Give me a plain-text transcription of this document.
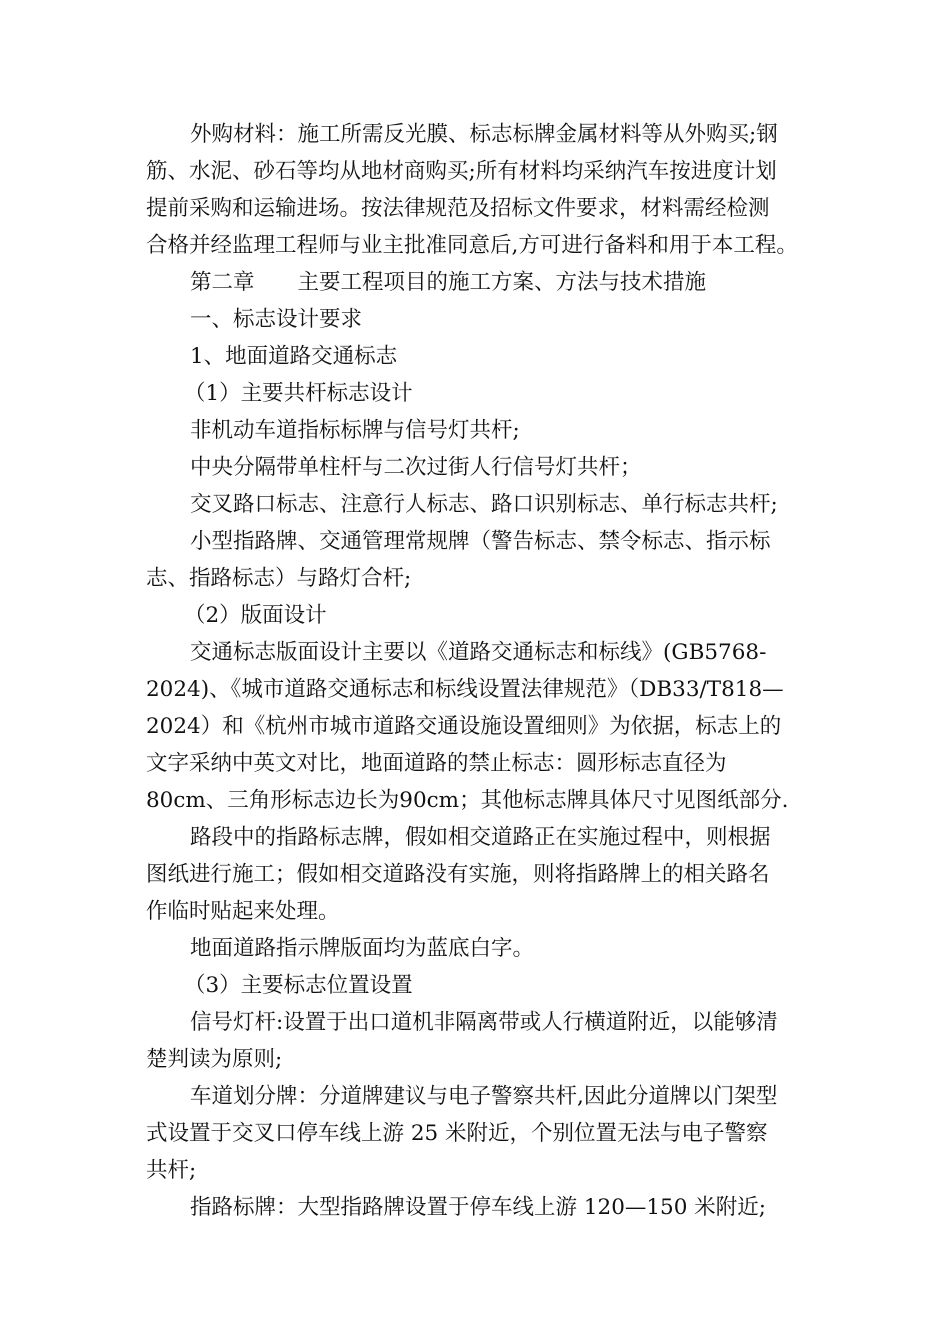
外购材料：施工所需反光膜、标志标牌金属材料等从外购买;钢
筋、水泥、砂石等均从地材商购买;所有材料均采纳汽车按进度计划
提前采购和运输进场。按法律规范及招标文件要求，材料需经检测
合格并经监理工程师与业主批准同意后,方可进行备料和用于本工程。
第二章　　主要工程项目的施工方案、方法与技术措施
一、标志设计要求
1、地面道路交通标志
（1）主要共杆标志设计
非机动车道指标标牌与信号灯共杆;
中央分隔带单柱杆与二次过街人行信号灯共杆；
交叉路口标志、注意行人标志、路口识别标志、单行标志共杆;
小型指路牌、交通管理常规牌（警告标志、禁令标志、指示标
志、指路标志）与路灯合杆;
（2）版面设计
交通标志版面设计主要以《道路交通标志和标线》(GB5768-
2024)、《城市道路交通标志和标线设置法律规范》（DB33/T818—
2024）和《杭州市城市道路交通设施设置细则》为依据，标志上的
文字采纳中英文对比，地面道路的禁止标志：圆形标志直径为
80cm、三角形标志边长为90cm；其他标志牌具体尺寸见图纸部分.
路段中的指路标志牌，假如相交道路正在实施过程中，则根据
图纸进行施工；假如相交道路没有实施，则将指路牌上的相关路名
作临时贴起来处理。
地面道路指示牌版面均为蓝底白字。
（3）主要标志位置设置
信号灯杆:设置于出口道机非隔离带或人行横道附近，以能够清
楚判读为原则;
车道划分牌：分道牌建议与电子警察共杆,因此分道牌以门架型
式设置于交叉口停车线上游 25 米附近，个别位置无法与电子警察
共杆;
指路标牌：大型指路牌设置于停车线上游 120—150 米附近;
